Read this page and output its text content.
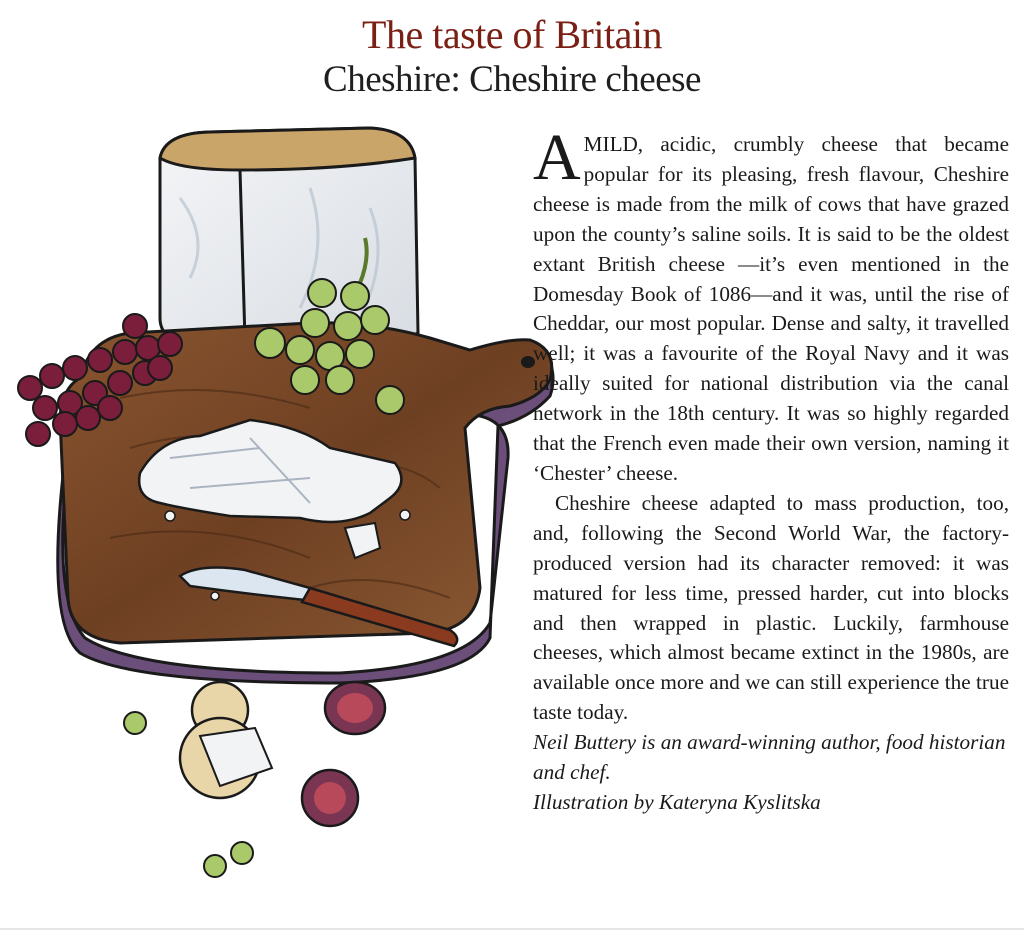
The taste of Britain
Cheshire: Cheshire cheese

AMILD, acidic, crumbly cheese that became popular for its pleasing, fresh flavour, Cheshire cheese is made from the milk of cows that have grazed upon the county’s saline soils. It is said to be the oldest extant British cheese —it’s even mentioned in the Domesday Book of 1086—and it was, until the rise of Cheddar, our most popular. Dense and salty, it travelled well; it was a favourite of the Royal Navy and it was ideally suited for national distribution via the canal network in the 18th century. It was so highly regarded that the French even made their own version, naming it ‘Chester’ cheese.

Cheshire cheese adapted to mass production, too, and, following the Second World War, the factory-produced version had its character removed: it was matured for less time, pressed harder, cut into blocks and then wrapped in plastic. Luckily, farmhouse cheeses, which almost became extinct in the 1980s, are available once more and we can still experience the true taste today.

Neil Buttery is an award-winning author, food historian and chef.

Illustration by Kateryna Kyslitska
